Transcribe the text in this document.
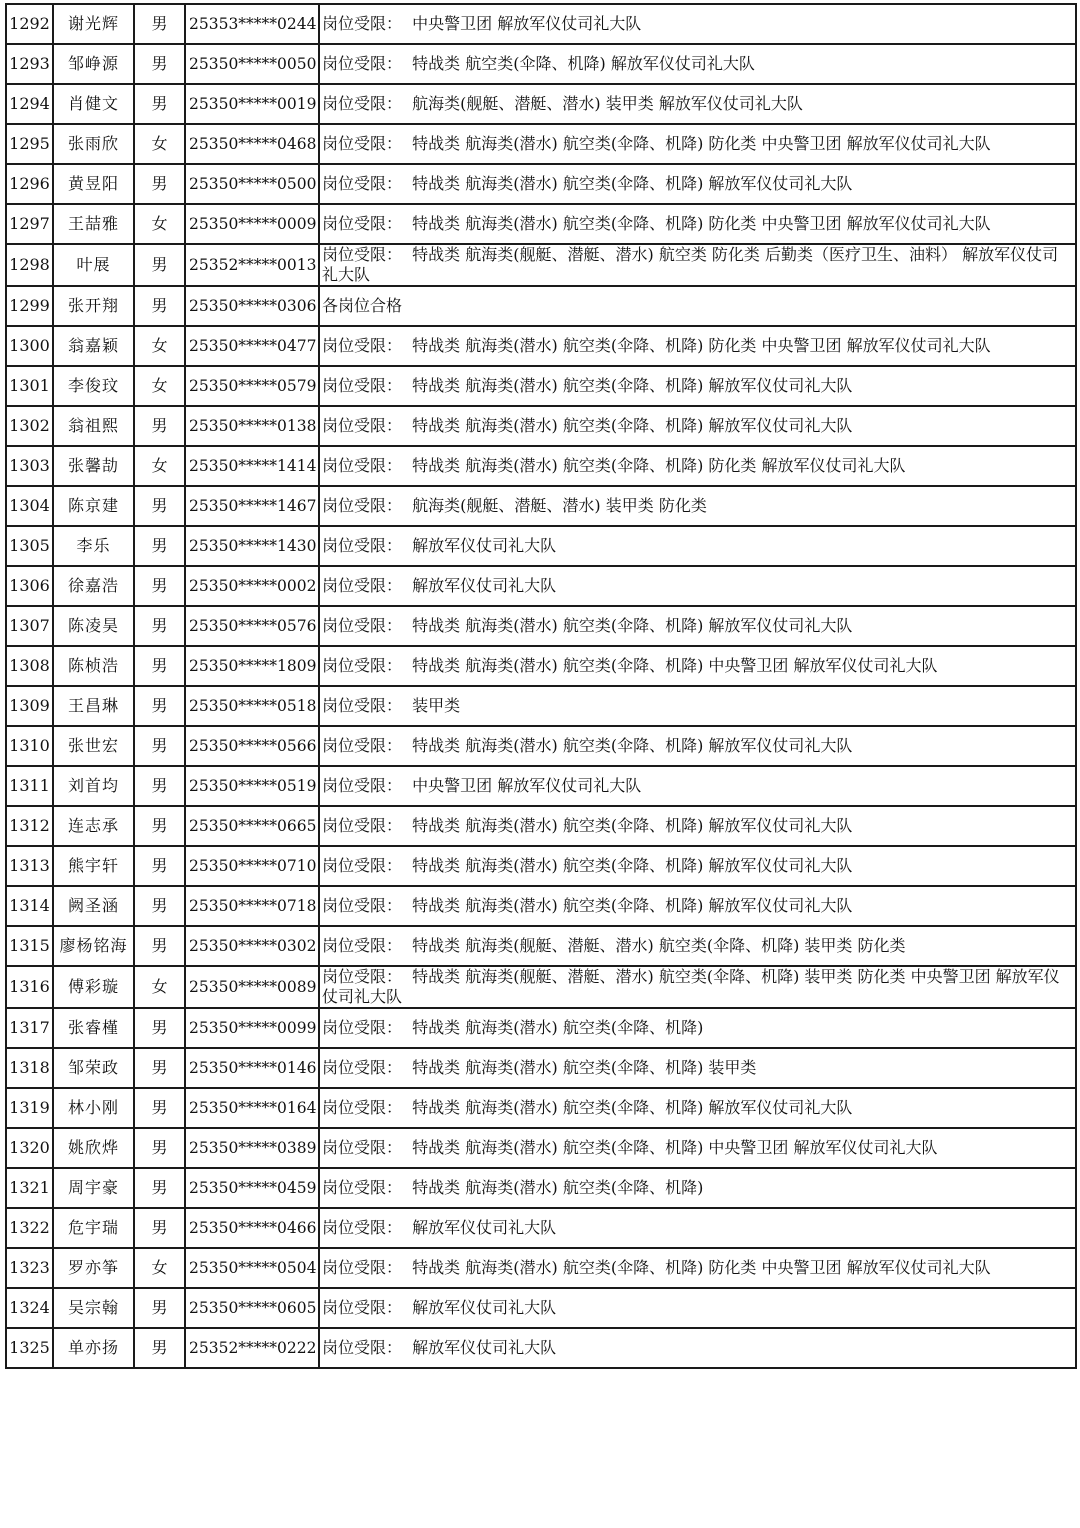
1292	谢光辉	男	25353*****0244	岗位受限：  中央警卫团 解放军仪仗司礼大队
1293	邹峥源	男	25350*****0050	岗位受限：  特战类 航空类(伞降、机降) 解放军仪仗司礼大队
1294	肖健文	男	25350*****0019	岗位受限：  航海类(舰艇、潜艇、潜水) 装甲类 解放军仪仗司礼大队
1295	张雨欣	女	25350*****0468	岗位受限：  特战类 航海类(潜水) 航空类(伞降、机降) 防化类 中央警卫团 解放军仪仗司礼大队
1296	黄昱阳	男	25350*****0500	岗位受限：  特战类 航海类(潜水) 航空类(伞降、机降) 解放军仪仗司礼大队
1297	王喆雅	女	25350*****0009	岗位受限：  特战类 航海类(潜水) 航空类(伞降、机降) 防化类 中央警卫团 解放军仪仗司礼大队
1298	叶展	男	25352*****0013	岗位受限：  特战类 航海类(舰艇、潜艇、潜水) 航空类 防化类 后勤类（医疗卫生、油料） 解放军仪仗司礼大队
1299	张开翔	男	25350*****0306	各岗位合格
1300	翁嘉颖	女	25350*****0477	岗位受限：  特战类 航海类(潜水) 航空类(伞降、机降) 防化类 中央警卫团 解放军仪仗司礼大队
1301	李俊玟	女	25350*****0579	岗位受限：  特战类 航海类(潜水) 航空类(伞降、机降) 解放军仪仗司礼大队
1302	翁祖熙	男	25350*****0138	岗位受限：  特战类 航海类(潜水) 航空类(伞降、机降) 解放军仪仗司礼大队
1303	张馨劼	女	25350*****1414	岗位受限：  特战类 航海类(潜水) 航空类(伞降、机降) 防化类 解放军仪仗司礼大队
1304	陈京建	男	25350*****1467	岗位受限：  航海类(舰艇、潜艇、潜水) 装甲类 防化类
1305	李乐	男	25350*****1430	岗位受限：  解放军仪仗司礼大队
1306	徐嘉浩	男	25350*****0002	岗位受限：  解放军仪仗司礼大队
1307	陈凌昊	男	25350*****0576	岗位受限：  特战类 航海类(潜水) 航空类(伞降、机降) 解放军仪仗司礼大队
1308	陈桢浩	男	25350*****1809	岗位受限：  特战类 航海类(潜水) 航空类(伞降、机降) 中央警卫团 解放军仪仗司礼大队
1309	王昌琳	男	25350*****0518	岗位受限：  装甲类
1310	张世宏	男	25350*****0566	岗位受限：  特战类 航海类(潜水) 航空类(伞降、机降) 解放军仪仗司礼大队
1311	刘首均	男	25350*****0519	岗位受限：  中央警卫团 解放军仪仗司礼大队
1312	连志承	男	25350*****0665	岗位受限：  特战类 航海类(潜水) 航空类(伞降、机降) 解放军仪仗司礼大队
1313	熊宇轩	男	25350*****0710	岗位受限：  特战类 航海类(潜水) 航空类(伞降、机降) 解放军仪仗司礼大队
1314	阙圣涵	男	25350*****0718	岗位受限：  特战类 航海类(潜水) 航空类(伞降、机降) 解放军仪仗司礼大队
1315	廖杨铭海	男	25350*****0302	岗位受限：  特战类 航海类(舰艇、潜艇、潜水) 航空类(伞降、机降) 装甲类 防化类
1316	傅彩璇	女	25350*****0089	岗位受限：  特战类 航海类(舰艇、潜艇、潜水) 航空类(伞降、机降) 装甲类 防化类 中央警卫团 解放军仪仗司礼大队
1317	张睿槿	男	25350*****0099	岗位受限：  特战类 航海类(潜水) 航空类(伞降、机降)
1318	邹荣政	男	25350*****0146	岗位受限：  特战类 航海类(潜水) 航空类(伞降、机降) 装甲类
1319	林小刚	男	25350*****0164	岗位受限：  特战类 航海类(潜水) 航空类(伞降、机降) 解放军仪仗司礼大队
1320	姚欣烨	男	25350*****0389	岗位受限：  特战类 航海类(潜水) 航空类(伞降、机降) 中央警卫团 解放军仪仗司礼大队
1321	周宇豪	男	25350*****0459	岗位受限：  特战类 航海类(潜水) 航空类(伞降、机降)
1322	危宇瑞	男	25350*****0466	岗位受限：  解放军仪仗司礼大队
1323	罗亦筝	女	25350*****0504	岗位受限：  特战类 航海类(潜水) 航空类(伞降、机降) 防化类 中央警卫团 解放军仪仗司礼大队
1324	吴宗翰	男	25350*****0605	岗位受限：  解放军仪仗司礼大队
1325	单亦扬	男	25352*****0222	岗位受限：  解放军仪仗司礼大队
